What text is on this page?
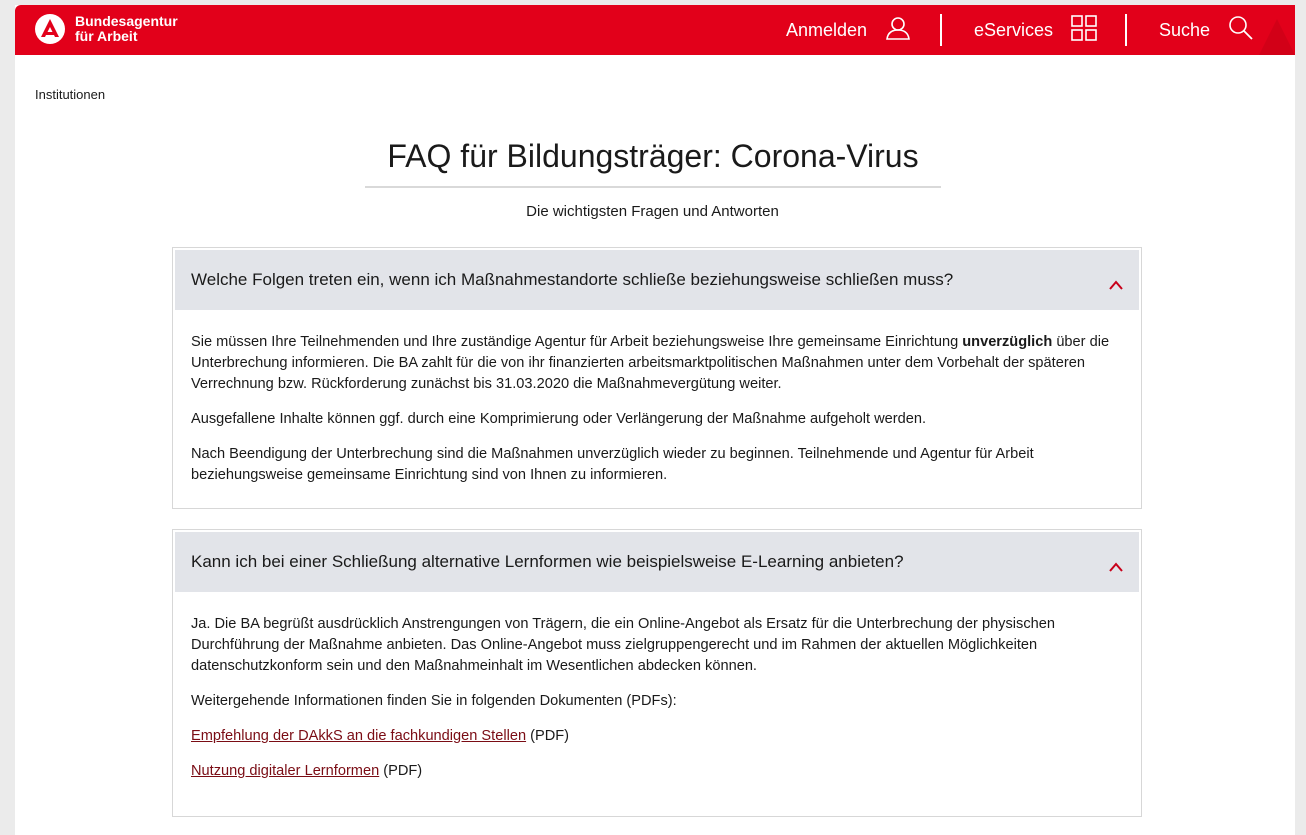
Bundesagentur
für Arbeit	Anmelden	eServices	Suche
Institutionen
FAQ für Bildungsträger: Corona-Virus
Die wichtigsten Fragen und Antworten
Welche Folgen treten ein, wenn ich Maßnahmestandorte schließe beziehungsweise schließen muss?

Sie müssen Ihre Teilnehmenden und Ihre zuständige Agentur für Arbeit beziehungsweise Ihre gemeinsame Einrichtung unverzüglich über die Unterbrechung informieren. Die BA zahlt für die von ihr finanzierten arbeitsmarktpolitischen Maßnahmen unter dem Vorbehalt der späteren Verrechnung bzw. Rückforderung zunächst bis 31.03.2020 die Maßnahmevergütung weiter.

Ausgefallene Inhalte können ggf. durch eine Komprimierung oder Verlängerung der Maßnahme aufgeholt werden.

Nach Beendigung der Unterbrechung sind die Maßnahmen unverzüglich wieder zu beginnen. Teilnehmende und Agentur für Arbeit beziehungsweise gemeinsame Einrichtung sind von Ihnen zu informieren.

Kann ich bei einer Schließung alternative Lernformen wie beispielsweise E-Learning anbieten?

Ja. Die BA begrüßt ausdrücklich Anstrengungen von Trägern, die ein Online-Angebot als Ersatz für die Unterbrechung der physischen Durchführung der Maßnahme anbieten. Das Online-Angebot muss zielgruppengerecht und im Rahmen der aktuellen Möglichkeiten datenschutzkonform sein und den Maßnahmeinhalt im Wesentlichen abdecken können.

Weitergehende Informationen finden Sie in folgenden Dokumenten (PDFs):

Empfehlung der DAkkS an die fachkundigen Stellen (PDF)

Nutzung digitaler Lernformen (PDF)
